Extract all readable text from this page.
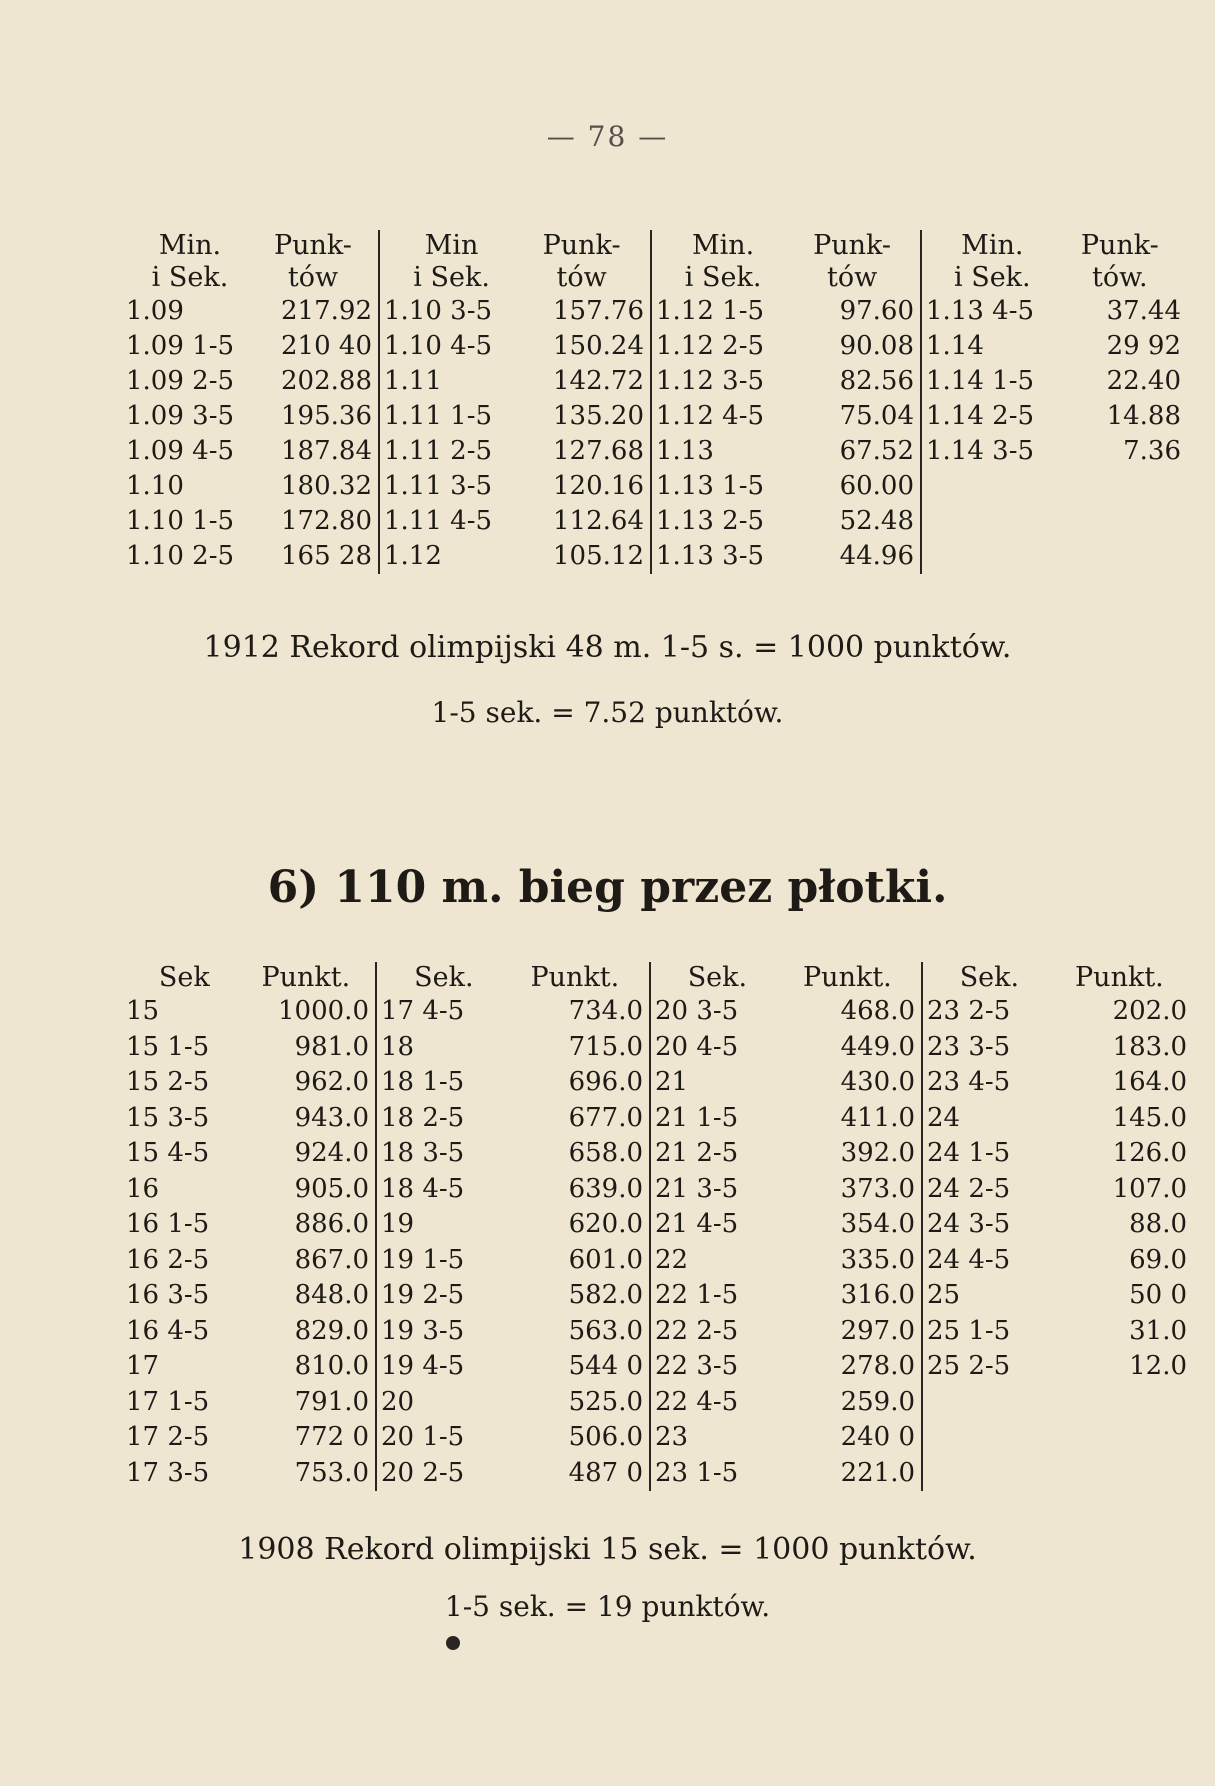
— 78 —
Min.
i Sek.
Punk-
tów
1.09	217.92
1.09 1-5	210 40
1.09 2-5	202.88
1.09 3-5	195.36
1.09 4-5	187.84
1.10	180.32
1.10 1-5	172.80
1.10 2-5	165 28
Min
i Sek.
Punk-
tów
1.10 3-5	157.76
1.10 4-5	150.24
1.11	142.72
1.11 1-5	135.20
1.11 2-5	127.68
1.11 3-5	120.16
1.11 4-5	112.64
1.12	105.12
Min.
i Sek.
Punk-
tów
1.12 1-5	97.60
1.12 2-5	90.08
1.12 3-5	82.56
1.12 4-5	75.04
1.13	67.52
1.13 1-5	60.00
1.13 2-5	52.48
1.13 3-5	44.96
Min.
i Sek.
Punk-
tów.
1.13 4-5	37.44
1.14	29 92
1.14 1-5	22.40
1.14 2-5	14.88
1.14 3-5	7.36
1912 Rekord olimpijski 48 m. 1-5 s. = 1000 punktów.
1-5 sek. = 7.52 punktów.
6) 110 m. bieg przez płotki.
Sek	Punkt.
15	1000.0
15 1-5	981.0
15 2-5	962.0
15 3-5	943.0
15 4-5	924.0
16	905.0
16 1-5	886.0
16 2-5	867.0
16 3-5	848.0
16 4-5	829.0
17	810.0
17 1-5	791.0
17 2-5	772 0
17 3-5	753.0
Sek.	Punkt.
17 4-5	734.0
18	715.0
18 1-5	696.0
18 2-5	677.0
18 3-5	658.0
18 4-5	639.0
19	620.0
19 1-5	601.0
19 2-5	582.0
19 3-5	563.0
19 4-5	544 0
20	525.0
20 1-5	506.0
20 2-5	487 0
Sek.	Punkt.
20 3-5	468.0
20 4-5	449.0
21	430.0
21 1-5	411.0
21 2-5	392.0
21 3-5	373.0
21 4-5	354.0
22	335.0
22 1-5	316.0
22 2-5	297.0
22 3-5	278.0
22 4-5	259.0
23	240 0
23 1-5	221.0
Sek.	Punkt.
23 2-5	202.0
23 3-5	183.0
23 4-5	164.0
24	145.0
24 1-5	126.0
24 2-5	107.0
24 3-5	88.0
24 4-5	69.0
25	50 0
25 1-5	31.0
25 2-5	12.0
1908 Rekord olimpijski 15 sek. = 1000 punktów.
1-5 sek. = 19 punktów.
